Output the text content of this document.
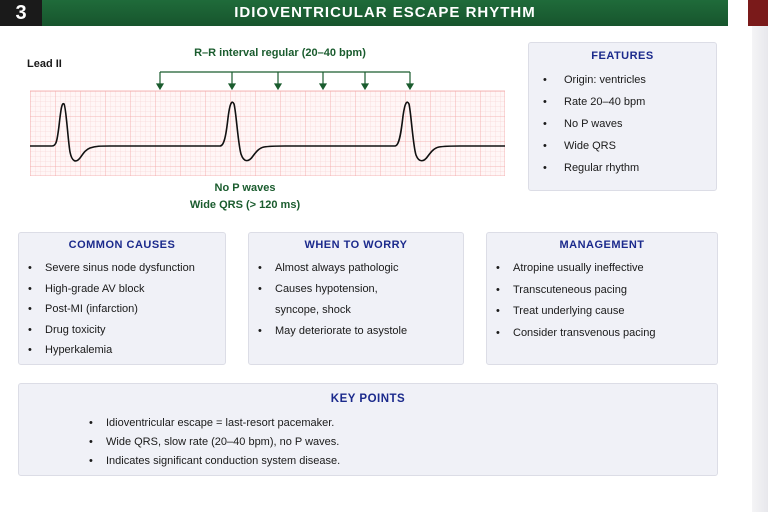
3	IDIOVENTRICULAR ESCAPE RHYTHM
Lead II
R–R interval regular (20–40 bpm)
No P waves
Wide QRS (> 120 ms)
FEATURES
• Origin: ventricles
• Rate 20–40 bpm
• No P waves
• Wide QRS
• Regular rhythm
COMMON CAUSES
• Severe sinus node dysfunction
• High-grade AV block
• Post-MI (infarction)
• Drug toxicity
• Hyperkalemia
WHEN TO WORRY
• Almost always pathologic
• Causes hypotension,
syncope, shock
• May deteriorate to asystole
MANAGEMENT
• Atropine usually ineffective
• Transcuteneous pacing
• Treat underlying cause
• Consider transvenous pacing
KEY POINTS
• Idioventricular escape = last-resort pacemaker.
• Wide QRS, slow rate (20–40 bpm), no P waves.
• Indicates significant conduction system disease.
